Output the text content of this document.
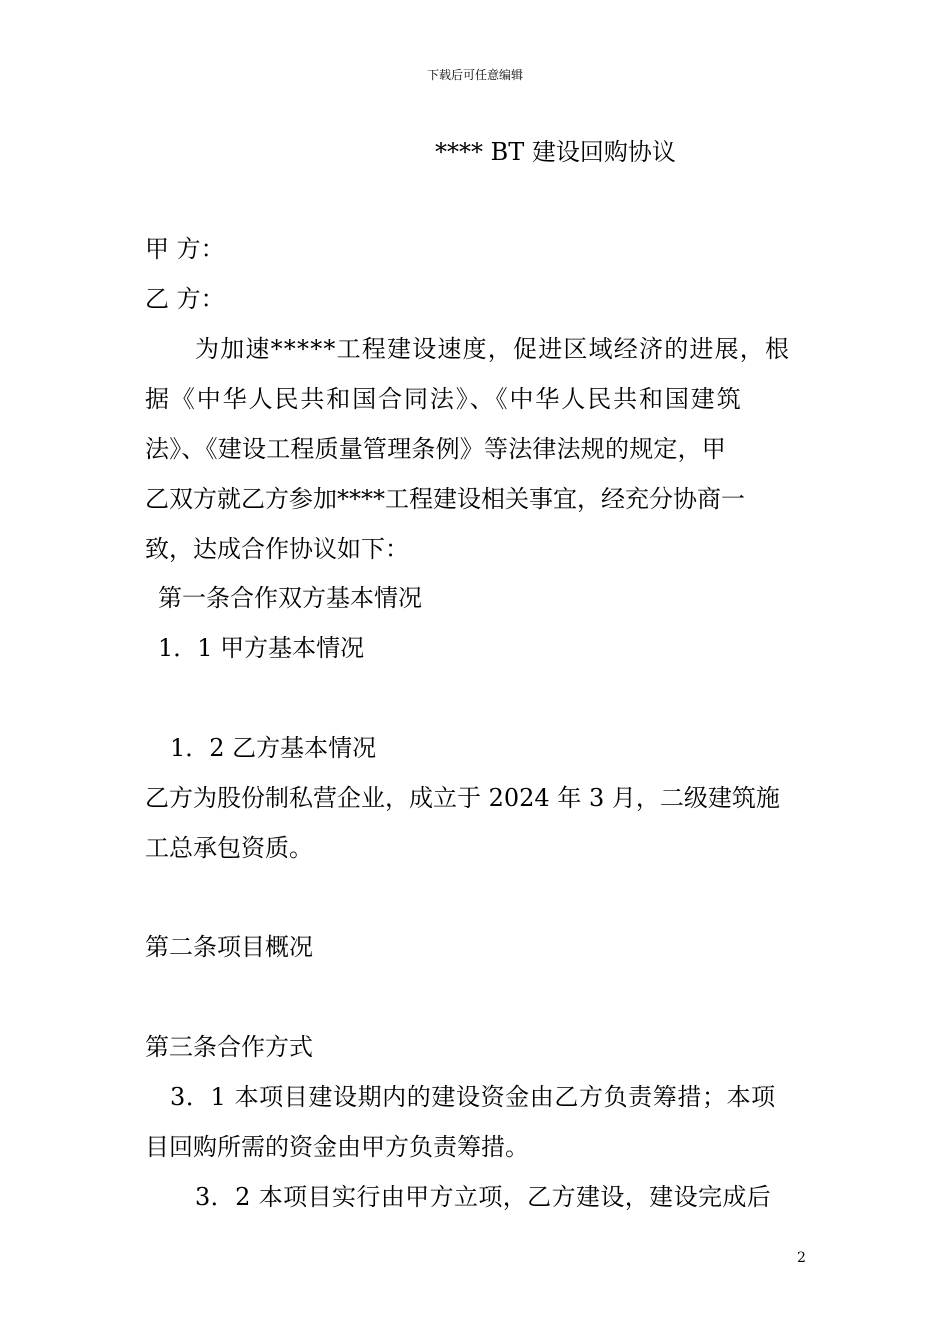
下载后可任意编辑
**** BT 建设回购协议
甲 方：
乙 方：
为加速*****工程建设速度，促进区域经济的进展，根
据《中华人民共和国合同法》、《中华人民共和国建筑
法》、《建设工程质量管理条例》等法律法规的规定，甲
乙双方就乙方参加****工程建设相关事宜，经充分协商一
致，达成合作协议如下：
第一条合作双方基本情况
1．1 甲方基本情况
1．2 乙方基本情况
乙方为股份制私营企业，成立于 2024 年 3 月，二级建筑施
工总承包资质。
第二条项目概况
第三条合作方式
3．1 本项目建设期内的建设资金由乙方负责筹措；本项
目回购所需的资金由甲方负责筹措。
3．2 本项目实行由甲方立项，乙方建设，建设完成后
2
